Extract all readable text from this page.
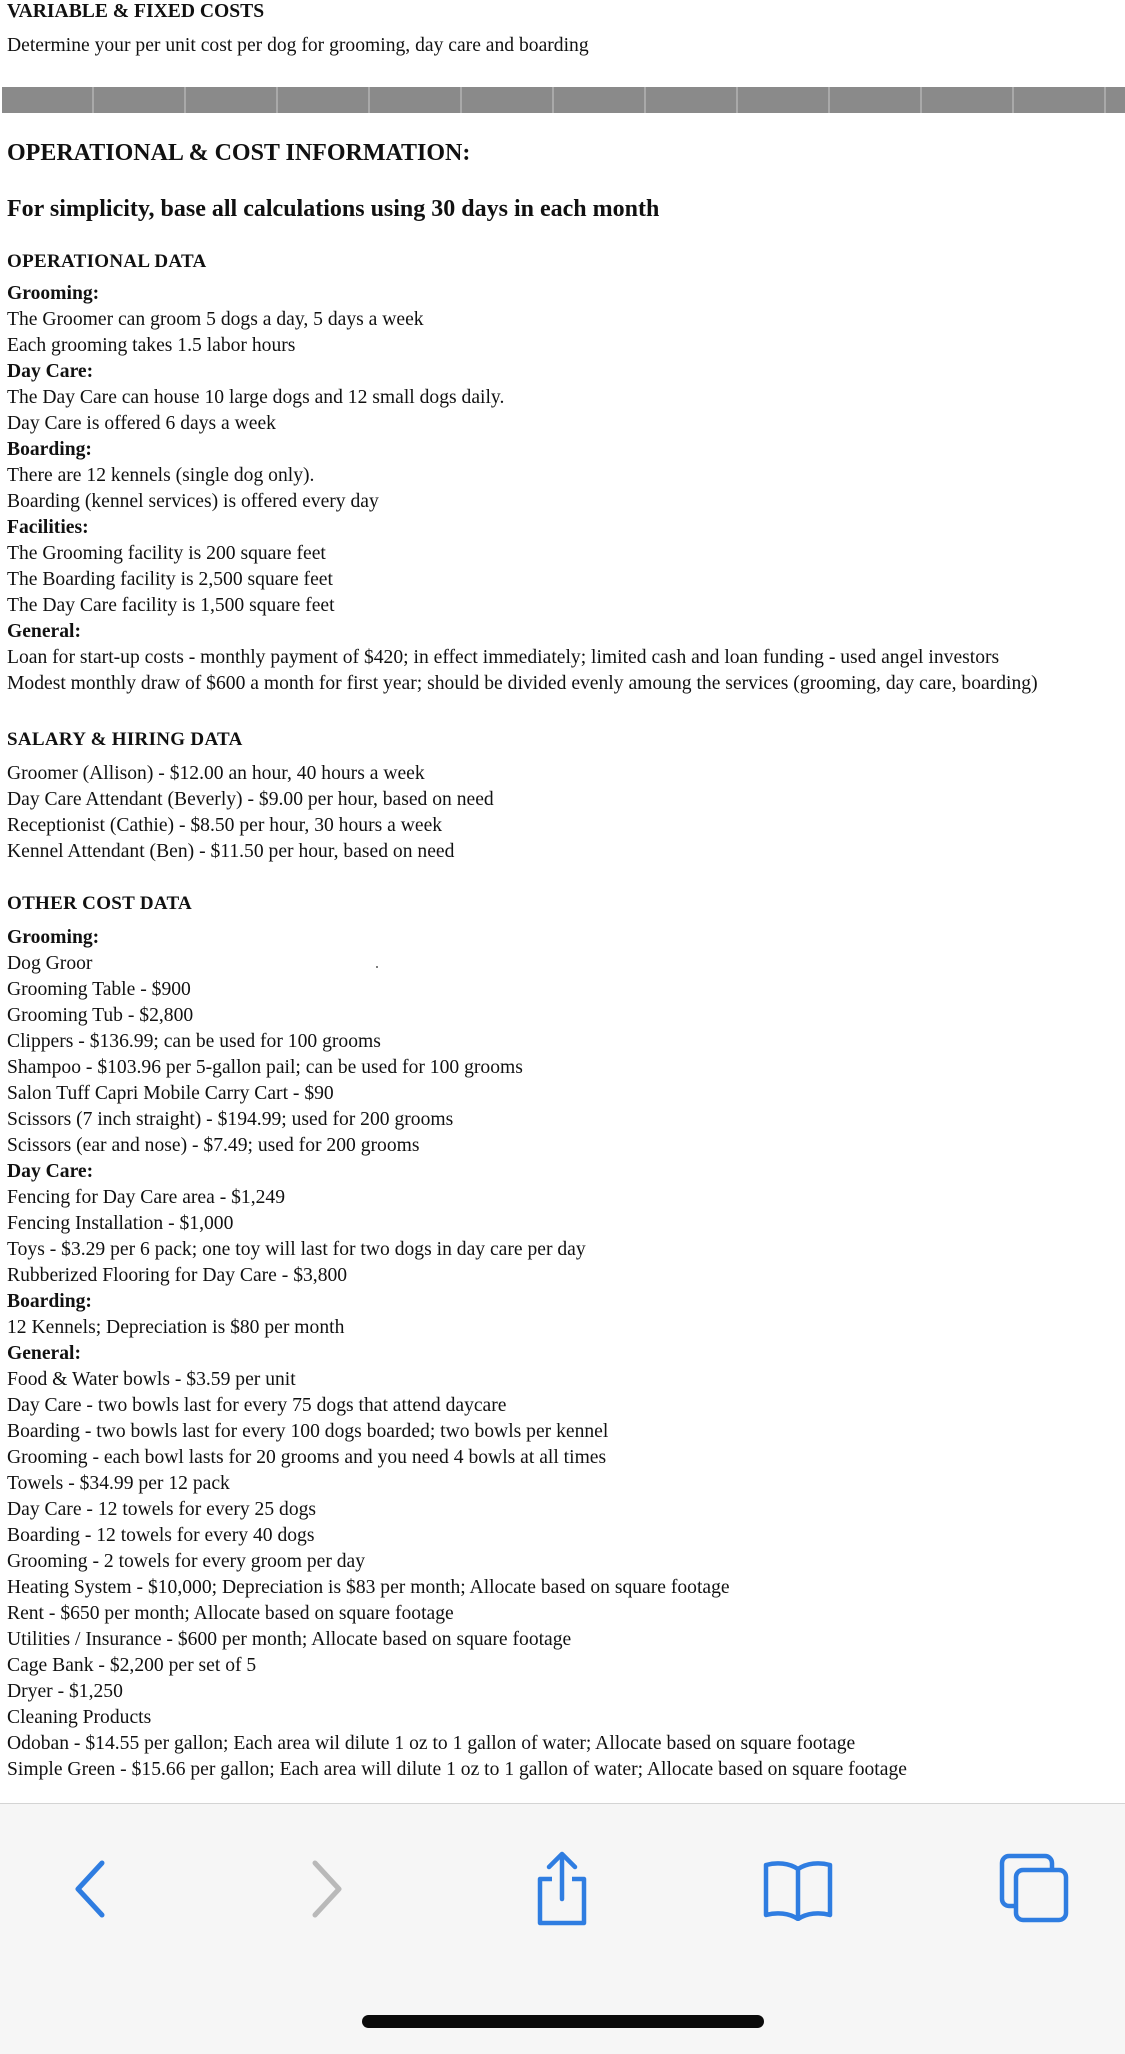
VARIABLE & FIXED COSTS
Determine your per unit cost per dog for grooming, day care and boarding
OPERATIONAL & COST INFORMATION:
For simplicity, base all calculations using 30 days in each month
OPERATIONAL DATA
Grooming:
The Groomer can groom 5 dogs a day, 5 days a week
Each grooming takes 1.5 labor hours
Day Care:
The Day Care can house 10 large dogs and 12 small dogs daily.
Day Care is offered 6 days a week
Boarding:
There are 12 kennels (single dog only).
Boarding (kennel services) is offered every day
Facilities:
The Grooming facility is 200 square feet
The Boarding facility is 2,500 square feet
The Day Care facility is 1,500 square feet
General:
Loan for start-up costs - monthly payment of $420; in effect immediately; limited cash and loan funding - used angel investors
Modest monthly draw of $600 a month for first year; should be divided evenly amoung the services (grooming, day care, boarding)
SALARY & HIRING DATA
Groomer (Allison) - $12.00 an hour, 40 hours a week
Day Care Attendant (Beverly) - $9.00 per hour, based on need
Receptionist (Cathie) - $8.50 per hour, 30 hours a week
Kennel Attendant (Ben) - $11.50 per hour, based on need
OTHER COST DATA
Grooming:
Dog Groor
Grooming Table - $900
Grooming Tub - $2,800
Clippers - $136.99; can be used for 100 grooms
Shampoo - $103.96 per 5-gallon pail; can be used for 100 grooms
Salon Tuff Capri Mobile Carry Cart - $90
Scissors (7 inch straight) - $194.99; used for 200 grooms
Scissors (ear and nose) - $7.49; used for 200 grooms
Day Care:
Fencing for Day Care area - $1,249
Fencing Installation - $1,000
Toys - $3.29 per 6 pack; one toy will last for two dogs in day care per day
Rubberized Flooring for Day Care - $3,800
Boarding:
12 Kennels; Depreciation is $80 per month
General:
Food & Water bowls - $3.59 per unit
Day Care - two bowls last for every 75 dogs that attend daycare
Boarding - two bowls last for every 100 dogs boarded; two bowls per kennel
Grooming - each bowl lasts for 20 grooms and you need 4 bowls at all times
Towels - $34.99 per 12 pack
Day Care - 12 towels for every 25 dogs
Boarding - 12 towels for every 40 dogs
Grooming - 2 towels for every groom per day
Heating System - $10,000; Depreciation is $83 per month; Allocate based on square footage
Rent - $650 per month; Allocate based on square footage
Utilities / Insurance - $600 per month; Allocate based on square footage
Cage Bank - $2,200 per set of 5
Dryer - $1,250
Cleaning Products
Odoban - $14.55 per gallon; Each area wil dilute 1 oz to 1 gallon of water; Allocate based on square footage
Simple Green - $15.66 per gallon; Each area will dilute 1 oz to 1 gallon of water; Allocate based on square footage
